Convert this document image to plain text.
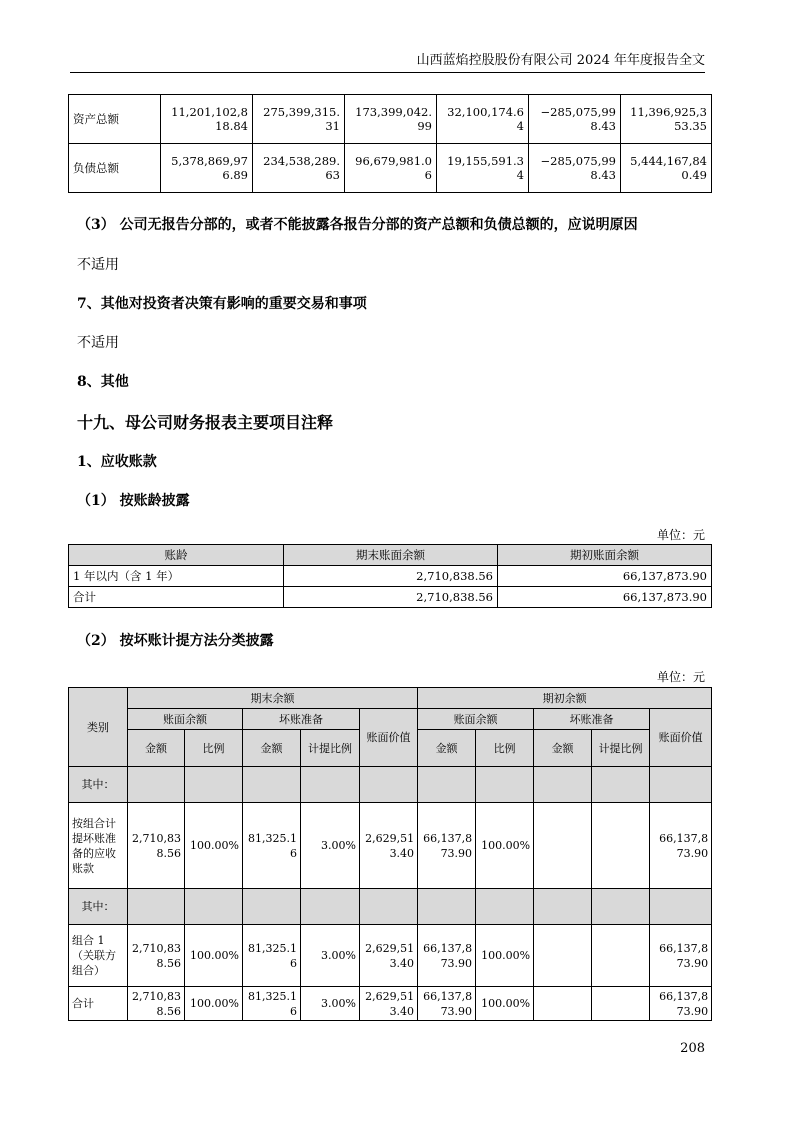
山西蓝焰控股股份有限公司 2024 年年度报告全文
资产总额	11,201,102,818.84	275,399,315.31	173,399,042.99	32,100,174.64	−285,075,998.43	11,396,925,353.35
负债总额	5,378,869,976.89	234,538,289.63	96,679,981.06	19,155,591.34	−285,075,998.43	5,444,167,840.49
（3） 公司无报告分部的，或者不能披露各报告分部的资产总额和负债总额的，应说明原因
不适用
7、其他对投资者决策有影响的重要交易和事项
不适用
8、其他
十九、母公司财务报表主要项目注释
1、应收账款
（1） 按账龄披露
单位：元
账龄	期末账面余额	期初账面余额
1 年以内（含 1 年）	2,710,838.56	66,137,873.90
合计	2,710,838.56	66,137,873.90
（2） 按坏账计提方法分类披露
单位：元
类别	期末余额					期初余额				
	账面余额		坏账准备		账面价值	账面余额		坏账准备		账面价值
	金额	比例	金额	计提比例		金额	比例	金额	计提比例	
其中：										
按组合计提坏账准备的应收账款	2,710,838.56	100.00%	81,325.16	3.00%	2,629,513.40	66,137,873.90	100.00%			66,137,873.90
其中：										
组合 1（关联方组合）	2,710,838.56	100.00%	81,325.16	3.00%	2,629,513.40	66,137,873.90	100.00%			66,137,873.90
合计	2,710,838.56	100.00%	81,325.16	3.00%	2,629,513.40	66,137,873.90	100.00%			66,137,873.90
208
